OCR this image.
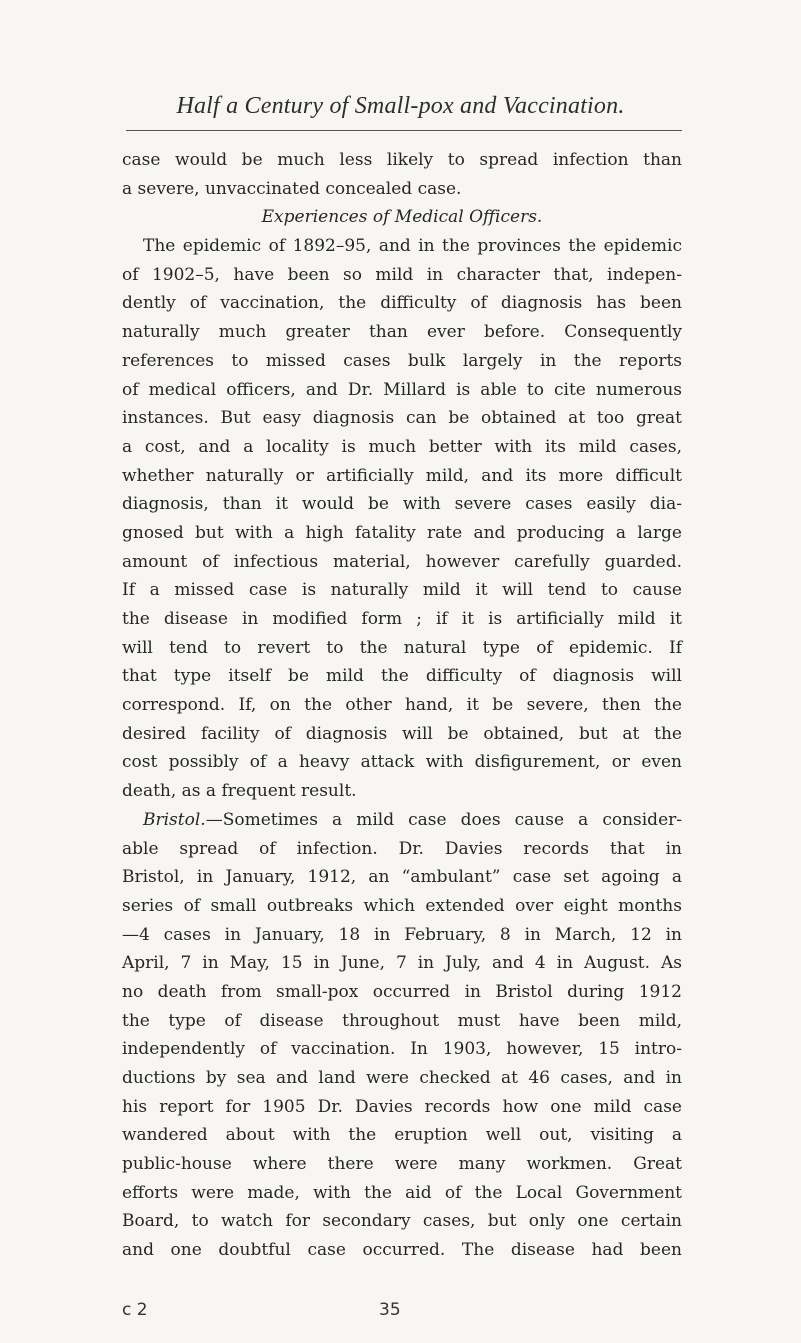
Half a Century of Small-pox and Vaccination.
case would be much less likely to spread infection than
a severe, unvaccinated concealed case.
Experiences of Medical Officers.
The epidemic of 1892–95, and in the provinces the epidemic
of 1902–5, have been so mild in character that, indepen-
dently of vaccination, the difficulty of diagnosis has been
naturally much greater than ever before. Consequently
references to missed cases bulk largely in the reports
of medical officers, and Dr. Millard is able to cite numerous
instances. But easy diagnosis can be obtained at too great
a cost, and a locality is much better with its mild cases,
whether naturally or artificially mild, and its more difficult
diagnosis, than it would be with severe cases easily dia-
gnosed but with a high fatality rate and producing a large
amount of infectious material, however carefully guarded.
If a missed case is naturally mild it will tend to cause
the disease in modified form ; if it is artificially mild it
will tend to revert to the natural type of epidemic. If
that type itself be mild the difficulty of diagnosis will
correspond. If, on the other hand, it be severe, then the
desired facility of diagnosis will be obtained, but at the
cost possibly of a heavy attack with disfigurement, or even
death, as a frequent result.
Bristol.—Sometimes a mild case does cause a consider-
able spread of infection. Dr. Davies records that in
Bristol, in January, 1912, an “ambulant” case set agoing a
series of small outbreaks which extended over eight months
—4 cases in January, 18 in February, 8 in March, 12 in
April, 7 in May, 15 in June, 7 in July, and 4 in August. As
no death from small-pox occurred in Bristol during 1912
the type of disease throughout must have been mild,
independently of vaccination. In 1903, however, 15 intro-
ductions by sea and land were checked at 46 cases, and in
his report for 1905 Dr. Davies records how one mild case
wandered about with the eruption well out, visiting a
public-house where there were many workmen. Great
efforts were made, with the aid of the Local Government
Board, to watch for secondary cases, but only one certain
and one doubtful case occurred. The disease had been
c 2	35
